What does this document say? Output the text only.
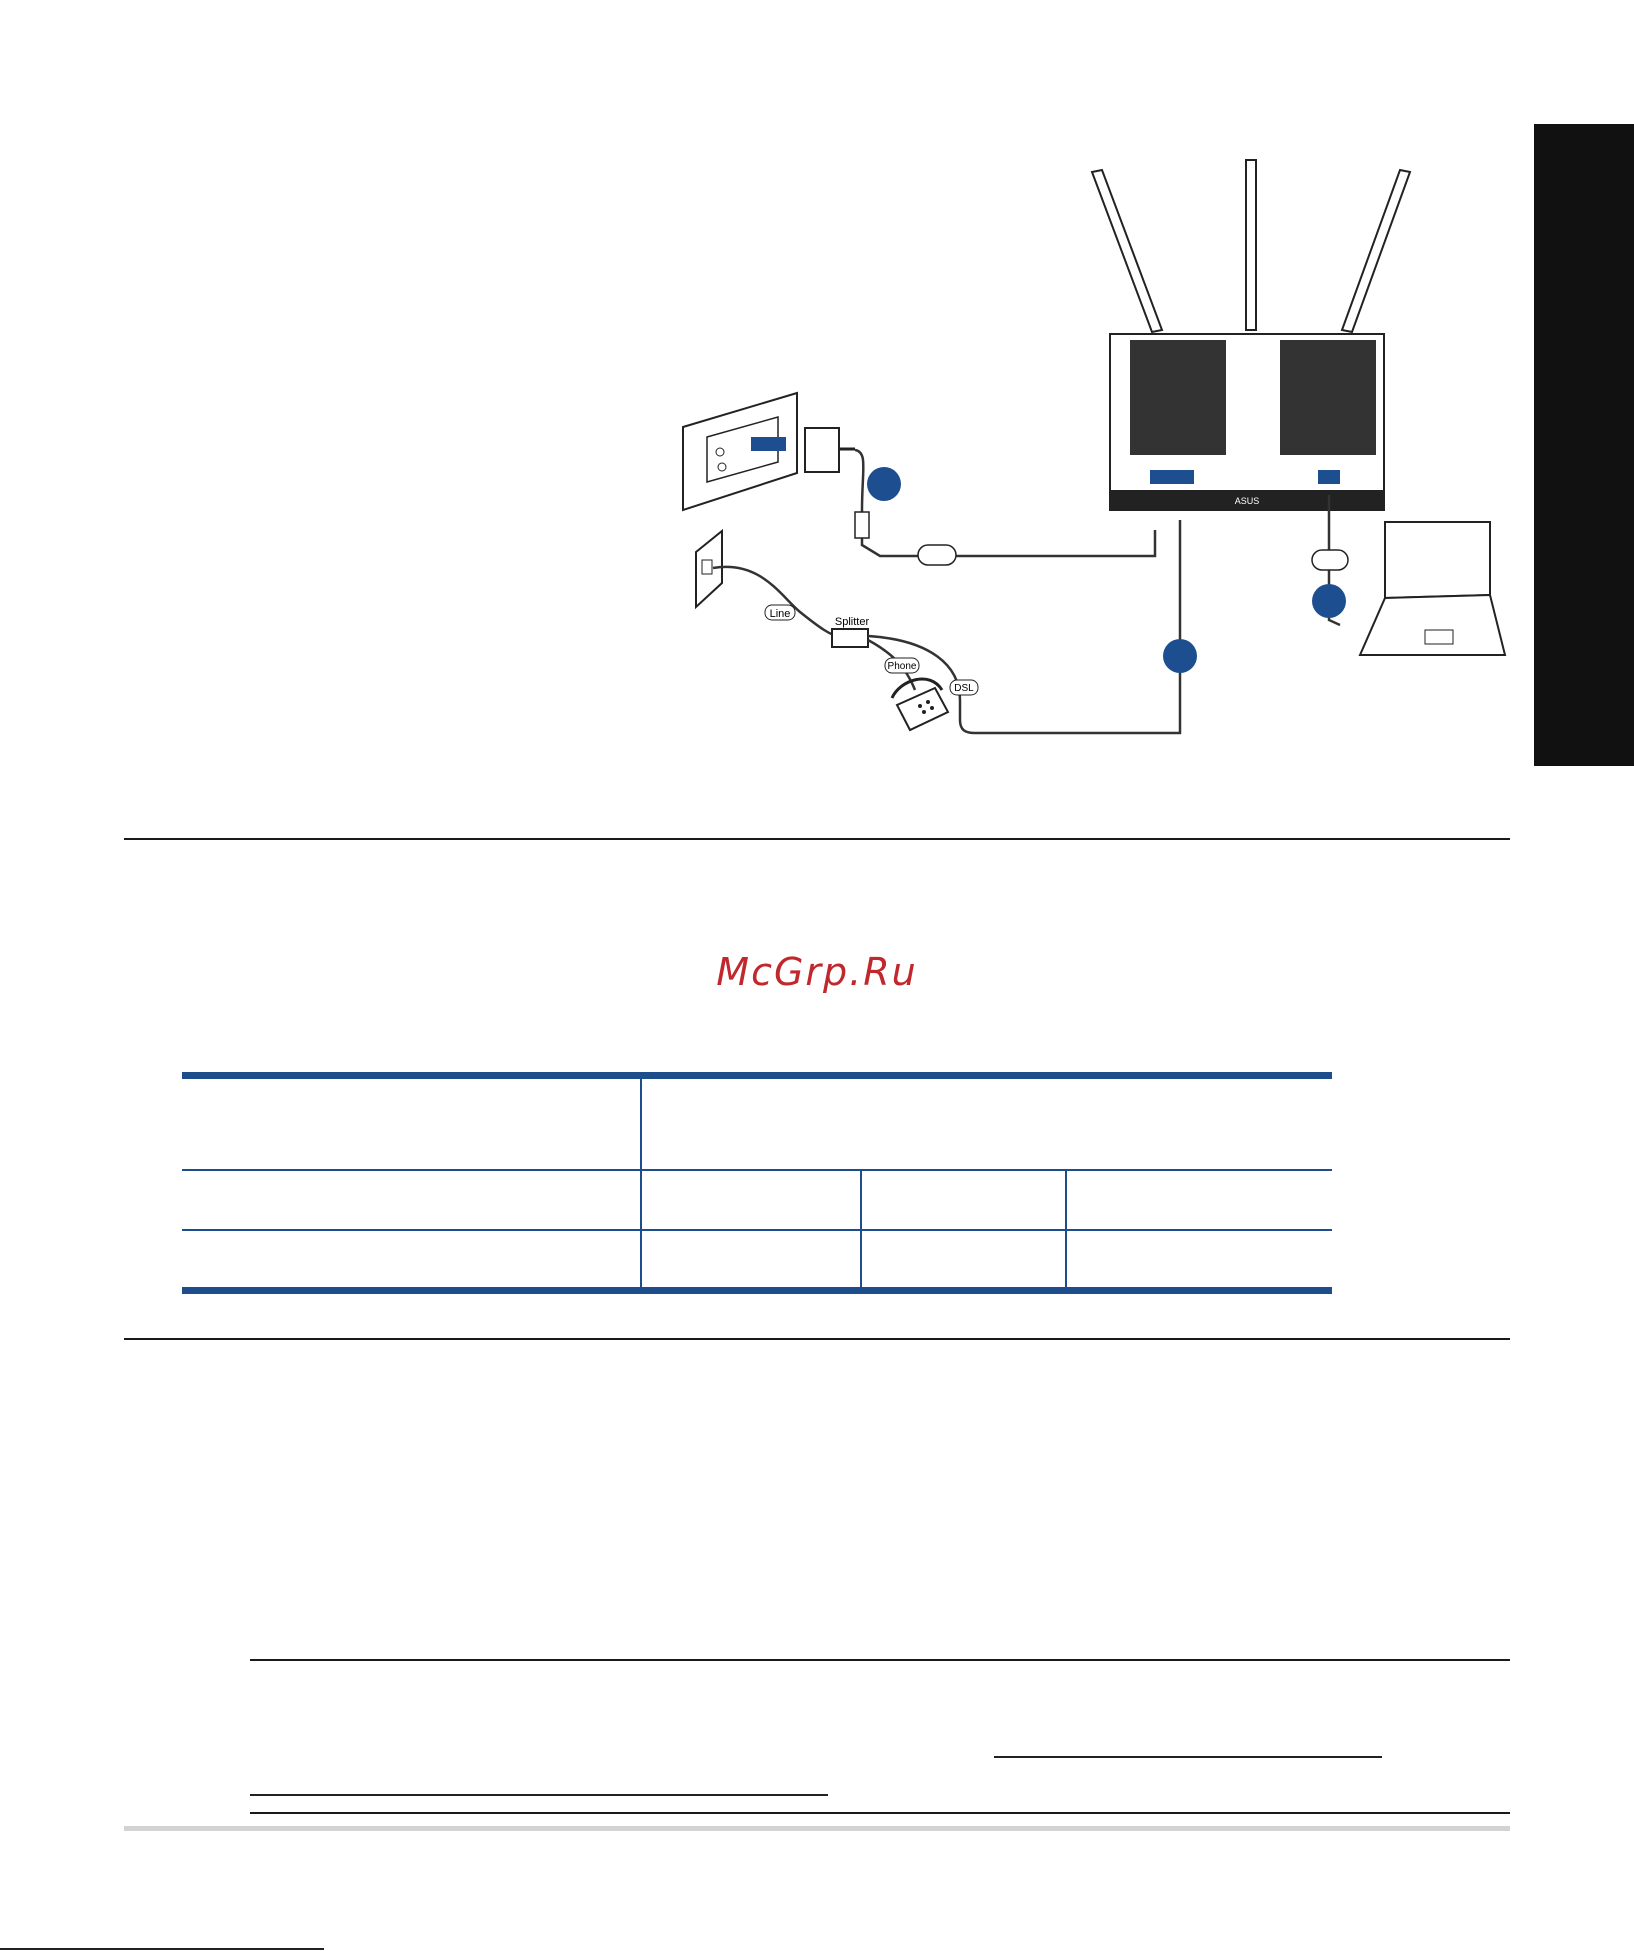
Line
Splitter
Phone
DSL
ASUS
McGrp.Ru
